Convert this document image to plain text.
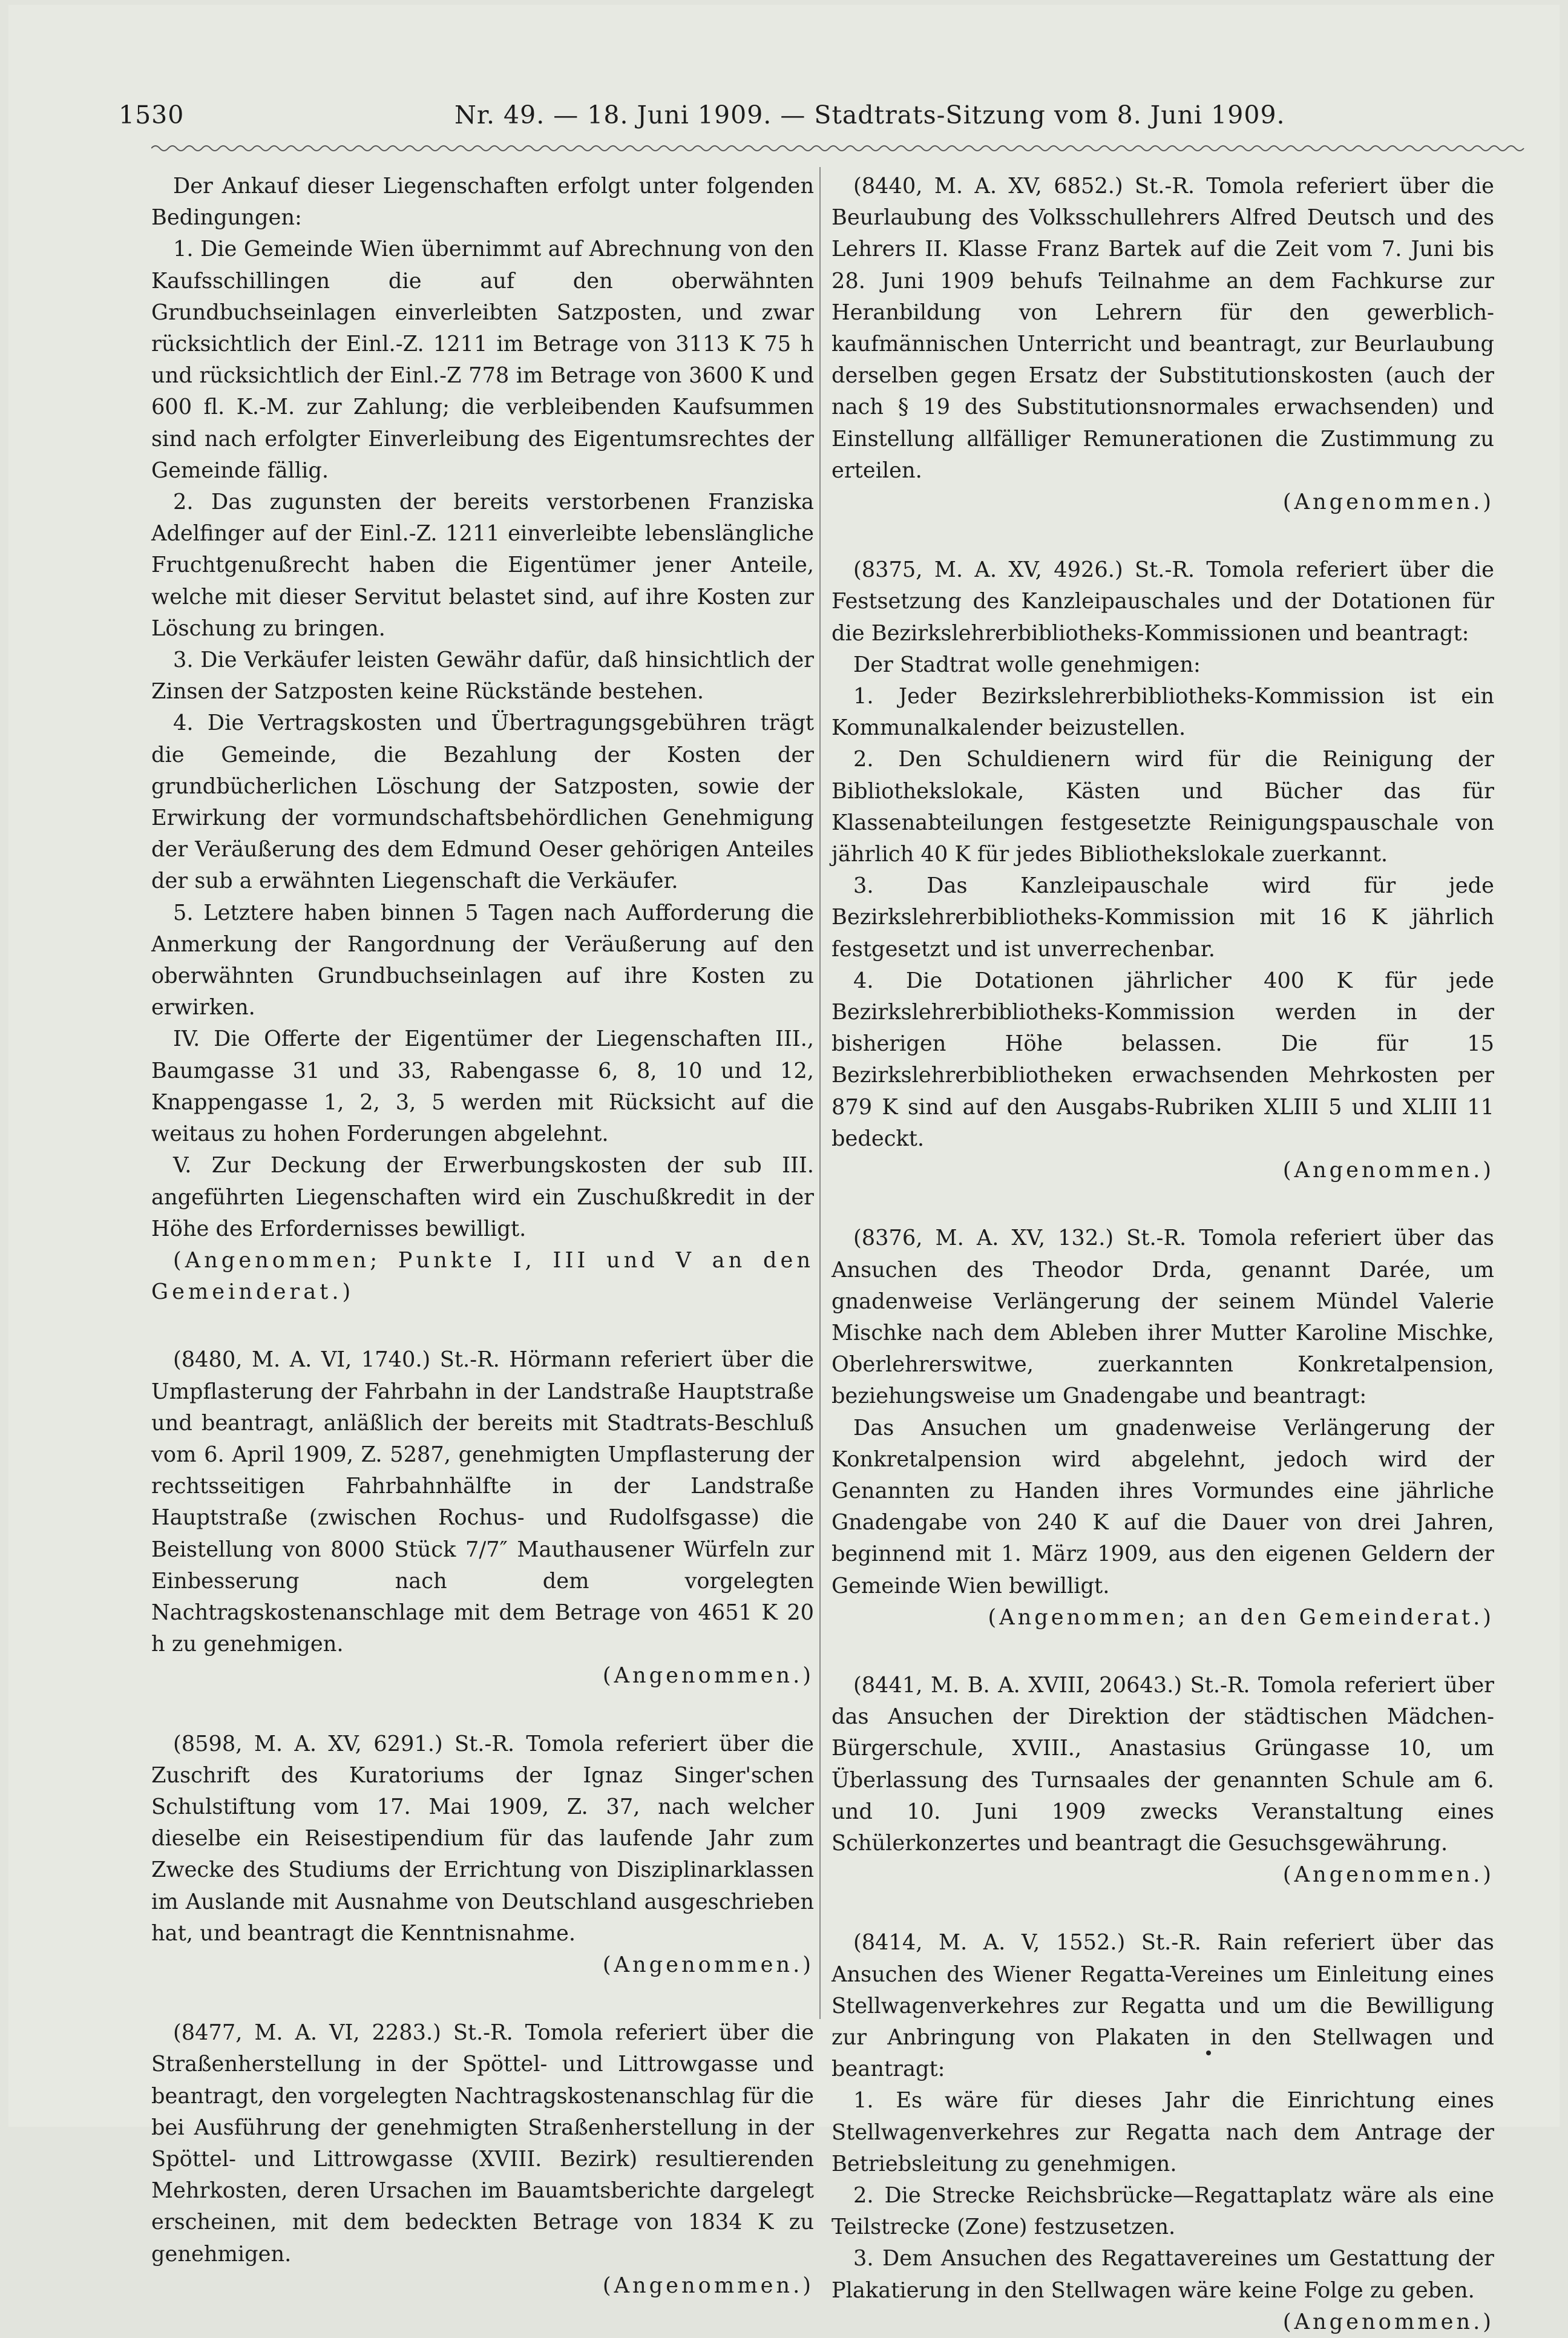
1530	Nr. 49. — 18. Juni 1909. — Stadtrats-Sitzung vom 8. Juni 1909.

Der Ankauf dieser Liegenschaften erfolgt unter folgenden Bedingungen:

1. Die Gemeinde Wien übernimmt auf Abrechnung von den Kaufsschillingen die auf den oberwähnten Grundbuchseinlagen einverleibten Satzposten, und zwar rücksichtlich der Einl.-Z. 1211 im Betrage von 3113 K 75 h und rücksichtlich der Einl.-Z 778 im Betrage von 3600 K und 600 fl. K.-M. zur Zahlung; die verbleibenden Kaufsummen sind nach erfolgter Einverleibung des Eigentumsrechtes der Gemeinde fällig.

2. Das zugunsten der bereits verstorbenen Franziska Adelfinger auf der Einl.-Z. 1211 einverleibte lebenslängliche Fruchtgenußrecht haben die Eigentümer jener Anteile, welche mit dieser Servitut belastet sind, auf ihre Kosten zur Löschung zu bringen.

3. Die Verkäufer leisten Gewähr dafür, daß hinsichtlich der Zinsen der Satzposten keine Rückstände bestehen.

4. Die Vertragskosten und Übertragungsgebühren trägt die Gemeinde, die Bezahlung der Kosten der grundbücherlichen Löschung der Satzposten, sowie der Erwirkung der vormundschaftsbehördlichen Genehmigung der Veräußerung des dem Edmund Oeser gehörigen Anteiles der sub a erwähnten Liegenschaft die Verkäufer.

5. Letztere haben binnen 5 Tagen nach Aufforderung die Anmerkung der Rangordnung der Veräußerung auf den oberwähnten Grundbuchseinlagen auf ihre Kosten zu erwirken.

IV. Die Offerte der Eigentümer der Liegenschaften III., Baumgasse 31 und 33, Rabengasse 6, 8, 10 und 12, Knappengasse 1, 2, 3, 5 werden mit Rücksicht auf die weitaus zu hohen Forderungen abgelehnt.

V. Zur Deckung der Erwerbungskosten der sub III. angeführten Liegenschaften wird ein Zuschußkredit in der Höhe des Erfordernisses bewilligt.

(Angenommen; Punkte I, III und V an den Gemeinderat.)

(8480, M. A. VI, 1740.) St.-R. Hörmann referiert über die Umpflasterung der Fahrbahn in der Landstraße Hauptstraße und beantragt, anläßlich der bereits mit Stadtrats-Beschluß vom 6. April 1909, Z. 5287, genehmigten Umpflasterung der rechtsseitigen Fahrbahnhälfte in der Landstraße Hauptstraße (zwischen Rochus- und Rudolfsgasse) die Beistellung von 8000 Stück 7/7″ Mauthausener Würfeln zur Einbesserung nach dem vorgelegten Nachtragskostenanschlage mit dem Betrage von 4651 K 20 h zu genehmigen.

(Angenommen.)

(8598, M. A. XV, 6291.) St.-R. Tomola referiert über die Zuschrift des Kuratoriums der Ignaz Singer'schen Schulstiftung vom 17. Mai 1909, Z. 37, nach welcher dieselbe ein Reisestipendium für das laufende Jahr zum Zwecke des Studiums der Errichtung von Disziplinarklassen im Auslande mit Ausnahme von Deutschland ausgeschrieben hat, und beantragt die Kenntnisnahme.

(Angenommen.)

(8477, M. A. VI, 2283.) St.-R. Tomola referiert über die Straßenherstellung in der Spöttel- und Littrowgasse und beantragt, den vorgelegten Nachtragskostenanschlag für die bei Ausführung der genehmigten Straßenherstellung in der Spöttel- und Littrowgasse (XVIII. Bezirk) resultierenden Mehrkosten, deren Ursachen im Bauamtsberichte dargelegt erscheinen, mit dem bedeckten Betrage von 1834 K zu genehmigen.

(Angenommen.)

(8440, M. A. XV, 6852.) St.-R. Tomola referiert über die Beurlaubung des Volksschullehrers Alfred Deutsch und des Lehrers II. Klasse Franz Bartek auf die Zeit vom 7. Juni bis 28. Juni 1909 behufs Teilnahme an dem Fachkurse zur Heranbildung von Lehrern für den gewerblich-kaufmännischen Unterricht und beantragt, zur Beurlaubung derselben gegen Ersatz der Substitutionskosten (auch der nach § 19 des Substitutionsnormales erwachsenden) und Einstellung allfälliger Remunerationen die Zustimmung zu erteilen.

(Angenommen.)

(8375, M. A. XV, 4926.) St.-R. Tomola referiert über die Festsetzung des Kanzleipauschales und der Dotationen für die Bezirkslehrerbibliotheks-Kommissionen und beantragt:

Der Stadtrat wolle genehmigen:

1. Jeder Bezirkslehrerbibliotheks-Kommission ist ein Kommunalkalender beizustellen.

2. Den Schuldienern wird für die Reinigung der Bibliothekslokale, Kästen und Bücher das für Klassenabteilungen festgesetzte Reinigungspauschale von jährlich 40 K für jedes Bibliothekslokale zuerkannt.

3. Das Kanzleipauschale wird für jede Bezirkslehrerbibliotheks-Kommission mit 16 K jährlich festgesetzt und ist unverrechenbar.

4. Die Dotationen jährlicher 400 K für jede Bezirkslehrerbibliotheks-Kommission werden in der bisherigen Höhe belassen. Die für 15 Bezirkslehrerbibliotheken erwachsenden Mehrkosten per 879 K sind auf den Ausgabs-Rubriken XLIII 5 und XLIII 11 bedeckt.

(Angenommen.)

(8376, M. A. XV, 132.) St.-R. Tomola referiert über das Ansuchen des Theodor Drda, genannt Darée, um gnadenweise Verlängerung der seinem Mündel Valerie Mischke nach dem Ableben ihrer Mutter Karoline Mischke, Oberlehrerswitwe, zuerkannten Konkretalpension, beziehungsweise um Gnadengabe und beantragt:

Das Ansuchen um gnadenweise Verlängerung der Konkretalpension wird abgelehnt, jedoch wird der Genannten zu Handen ihres Vormundes eine jährliche Gnadengabe von 240 K auf die Dauer von drei Jahren, beginnend mit 1. März 1909, aus den eigenen Geldern der Gemeinde Wien bewilligt.

(Angenommen; an den Gemeinderat.)

(8441, M. B. A. XVIII, 20643.) St.-R. Tomola referiert über das Ansuchen der Direktion der städtischen Mädchen-Bürgerschule, XVIII., Anastasius Grüngasse 10, um Überlassung des Turnsaales der genannten Schule am 6. und 10. Juni 1909 zwecks Veranstaltung eines Schülerkonzertes und beantragt die Gesuchsgewährung.

(Angenommen.)

(8414, M. A. V, 1552.) St.-R. Rain referiert über das Ansuchen des Wiener Regatta-Vereines um Einleitung eines Stellwagenverkehres zur Regatta und um die Bewilligung zur Anbringung von Plakaten in den Stellwagen und beantragt:

1. Es wäre für dieses Jahr die Einrichtung eines Stellwagenverkehres zur Regatta nach dem Antrage der Betriebsleitung zu genehmigen.

2. Die Strecke Reichsbrücke—Regattaplatz wäre als eine Teilstrecke (Zone) festzusetzen.

3. Dem Ansuchen des Regattavereines um Gestattung der Plakatierung in den Stellwagen wäre keine Folge zu geben.

(Angenommen.)
